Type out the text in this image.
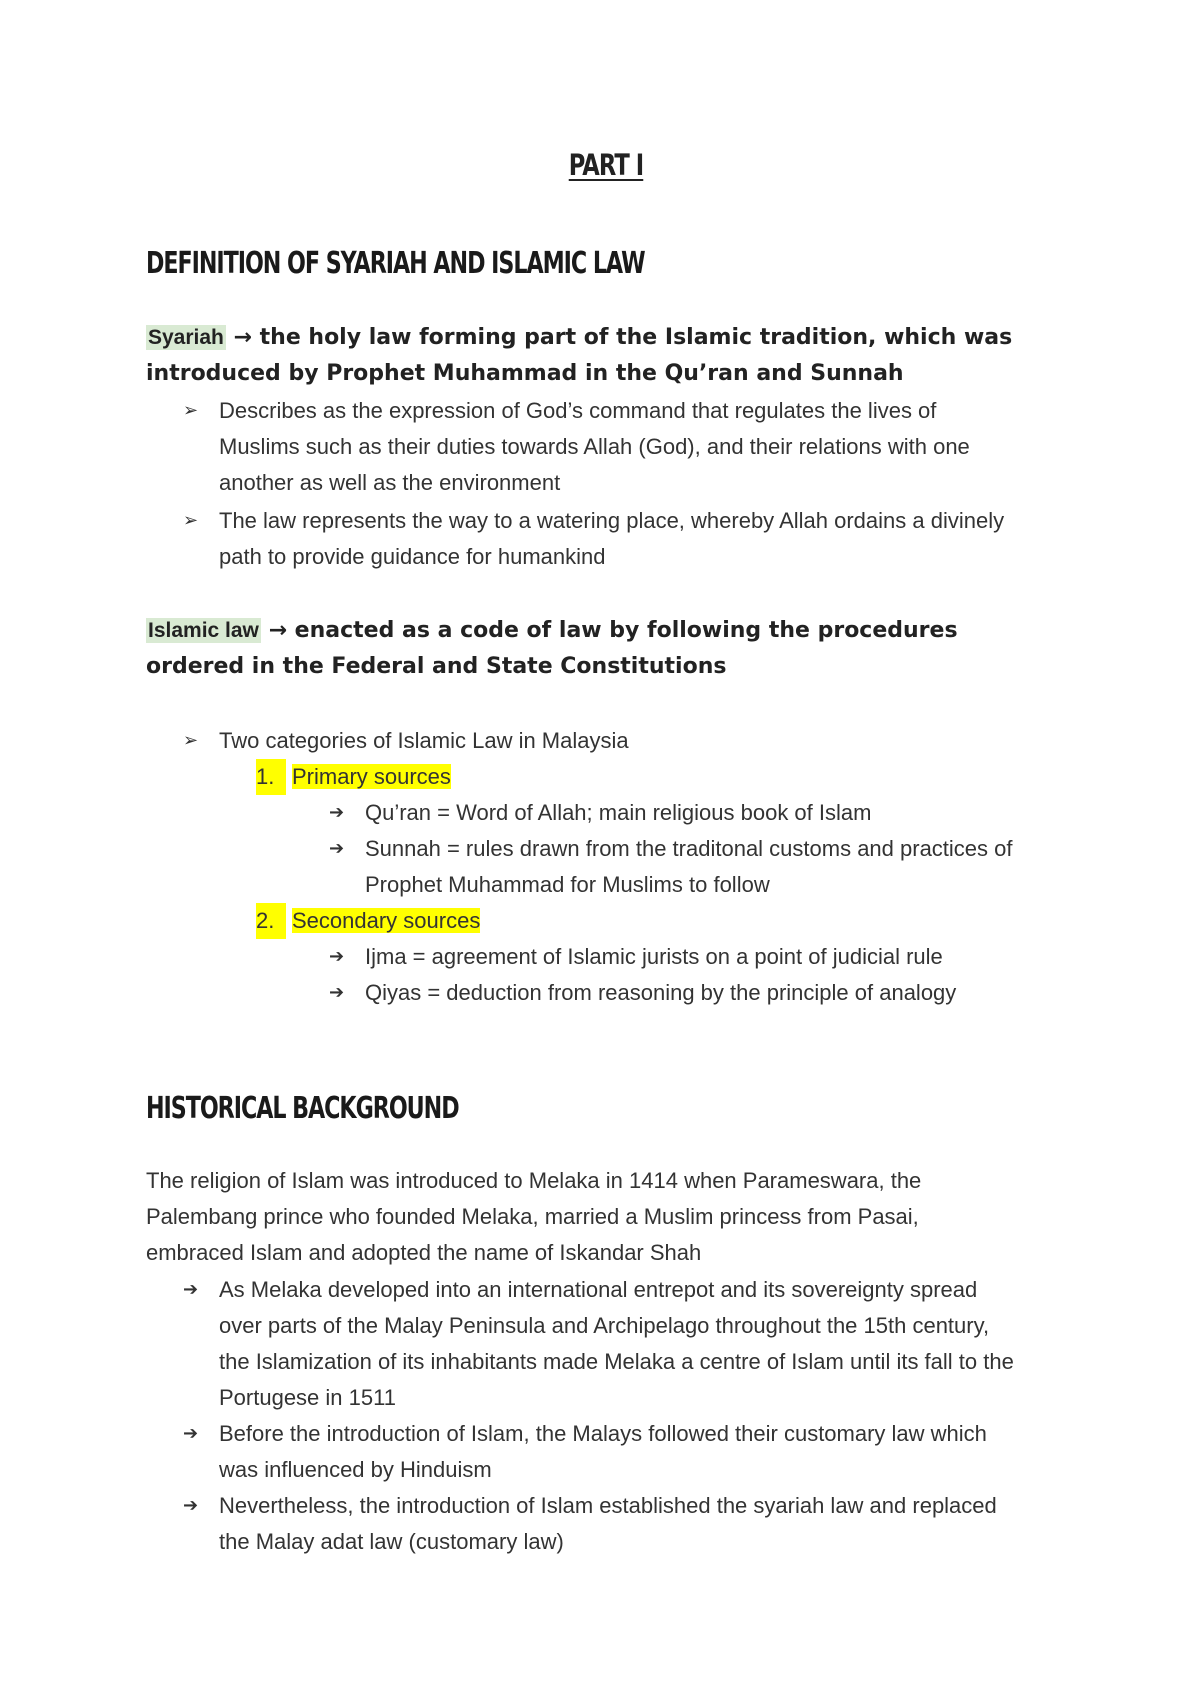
PART I
DEFINITION OF SYARIAH AND ISLAMIC LAW
Syariah → the holy law forming part of the Islamic tradition, which was introduced by Prophet Muhammad in the Qu’ran and Sunnah
➢ Describes as the expression of God’s command that regulates the lives of Muslims such as their duties towards Allah (God), and their relations with one another as well as the environment
➢ The law represents the way to a watering place, whereby Allah ordains a divinely path to provide guidance for humankind
Islamic law → enacted as a code of law by following the procedures ordered in the Federal and State Constitutions
➢ Two categories of Islamic Law in Malaysia
1. Primary sources
➔ Qu’ran = Word of Allah; main religious book of Islam
➔ Sunnah = rules drawn from the traditonal customs and practices of Prophet Muhammad for Muslims to follow
2. Secondary sources
➔ Ijma = agreement of Islamic jurists on a point of judicial rule
➔ Qiyas = deduction from reasoning by the principle of analogy
HISTORICAL BACKGROUND
The religion of Islam was introduced to Melaka in 1414 when Parameswara, the Palembang prince who founded Melaka, married a Muslim princess from Pasai, embraced Islam and adopted the name of Iskandar Shah
➔ As Melaka developed into an international entrepot and its sovereignty spread over parts of the Malay Peninsula and Archipelago throughout the 15th century, the Islamization of its inhabitants made Melaka a centre of Islam until its fall to the Portugese in 1511
➔ Before the introduction of Islam, the Malays followed their customary law which was influenced by Hinduism
➔ Nevertheless, the introduction of Islam established the syariah law and replaced the Malay adat law (customary law)
